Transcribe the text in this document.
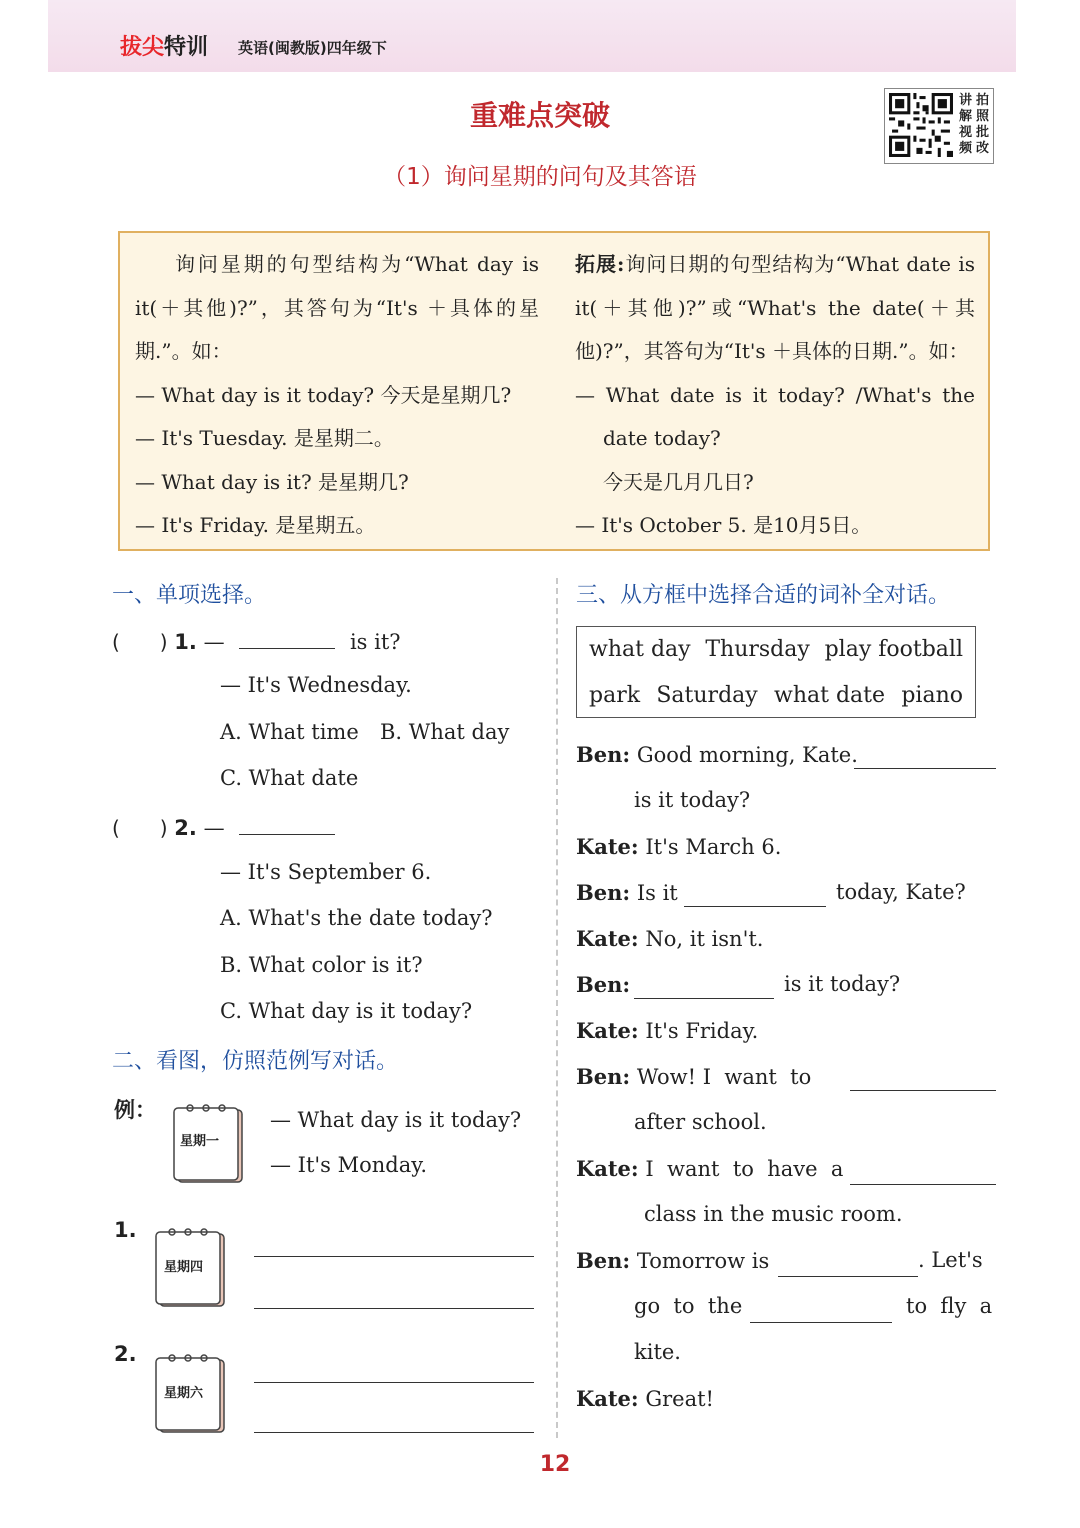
拔尖特训 英语(闽教版)四年级下
重难点突破
（1）询问星期的问句及其答语
讲 拍
解 照
视 批
频 改

询问星期的句型结构为“What day is it(＋其他)?”，其答句为“It's ＋具体的星期.”。如：

— What day is it today? 今天是星期几?

— It's Tuesday. 是星期二。

— What day is it? 是星期几?

— It's Friday. 是星期五。

拓展:询问日期的句型结构为“What date is it(＋其他)?”或“What's the date(＋其他)?”，其答句为“It's ＋具体的日期.”。如：

— What date is it today? /What's the date today?

今天是几月几日?

— It's October 5. 是10月5日。

一、单项选择。
(　　) 1. —	is it?
— It's Wednesday.
A. What time B. What day
C. What date
(　　) 2. —
— It's September 6.
A. What's the date today?
B. What color is it?
C. What day is it today?
二、看图，仿照范例写对话。
例：
星期一
— What day is it today?
— It's Monday.
1.
星期四
2.
星期六
三、从方框中选择合适的词补全对话。
what day Thursday play football
park Saturday what date piano
Ben: Good morning, Kate.
is it today?
Kate: It's March 6.
Ben: Is it	today, Kate?
Kate: No, it isn't.
Ben:	is it today?
Kate: It's Friday.
Ben: Wow! I  want  to
after school.
Kate: I  want  to  have  a
class in the music room.
Ben: Tomorrow is	. Let's
go  to  the	to  fly  a
kite.
Kate: Great!
12
